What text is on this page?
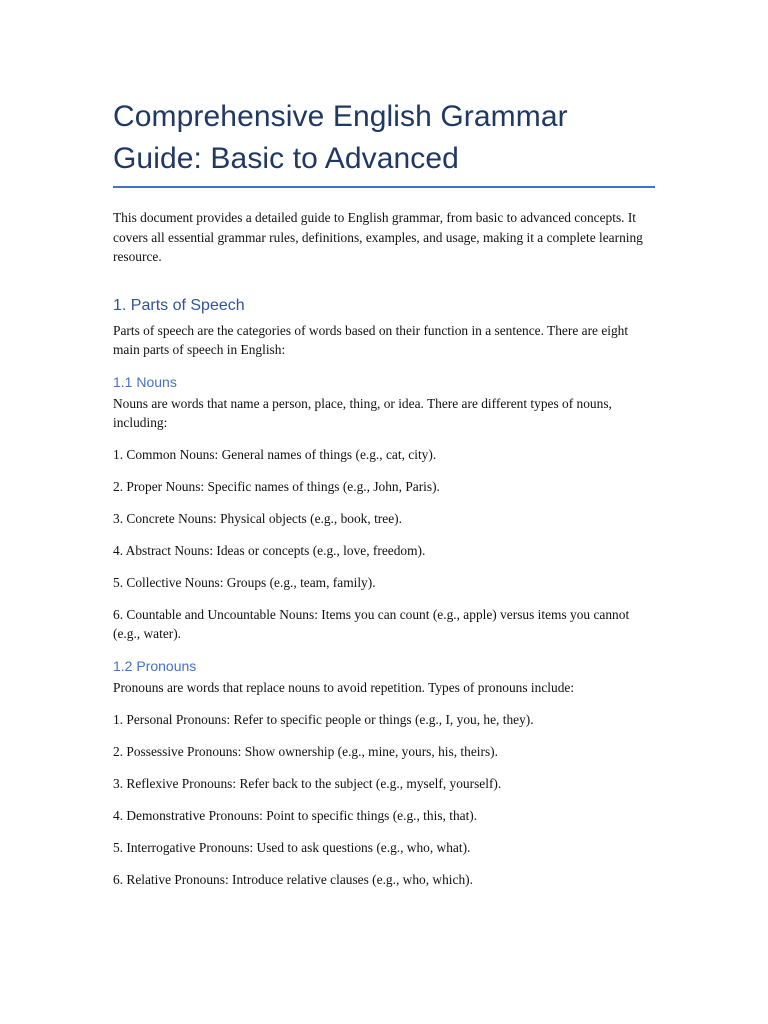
Comprehensive English Grammar Guide: Basic to Advanced

This document provides a detailed guide to English grammar, from basic to advanced concepts. It covers all essential grammar rules, definitions, examples, and usage, making it a complete learning resource.

1. Parts of Speech

Parts of speech are the categories of words based on their function in a sentence. There are eight main parts of speech in English:

1.1 Nouns

Nouns are words that name a person, place, thing, or idea. There are different types of nouns, including:

1. Common Nouns: General names of things (e.g., cat, city).

2. Proper Nouns: Specific names of things (e.g., John, Paris).

3. Concrete Nouns: Physical objects (e.g., book, tree).

4. Abstract Nouns: Ideas or concepts (e.g., love, freedom).

5. Collective Nouns: Groups (e.g., team, family).

6. Countable and Uncountable Nouns: Items you can count (e.g., apple) versus items you cannot (e.g., water).

1.2 Pronouns

Pronouns are words that replace nouns to avoid repetition. Types of pronouns include:

1. Personal Pronouns: Refer to specific people or things (e.g., I, you, he, they).

2. Possessive Pronouns: Show ownership (e.g., mine, yours, his, theirs).

3. Reflexive Pronouns: Refer back to the subject (e.g., myself, yourself).

4. Demonstrative Pronouns: Point to specific things (e.g., this, that).

5. Interrogative Pronouns: Used to ask questions (e.g., who, what).

6. Relative Pronouns: Introduce relative clauses (e.g., who, which).
